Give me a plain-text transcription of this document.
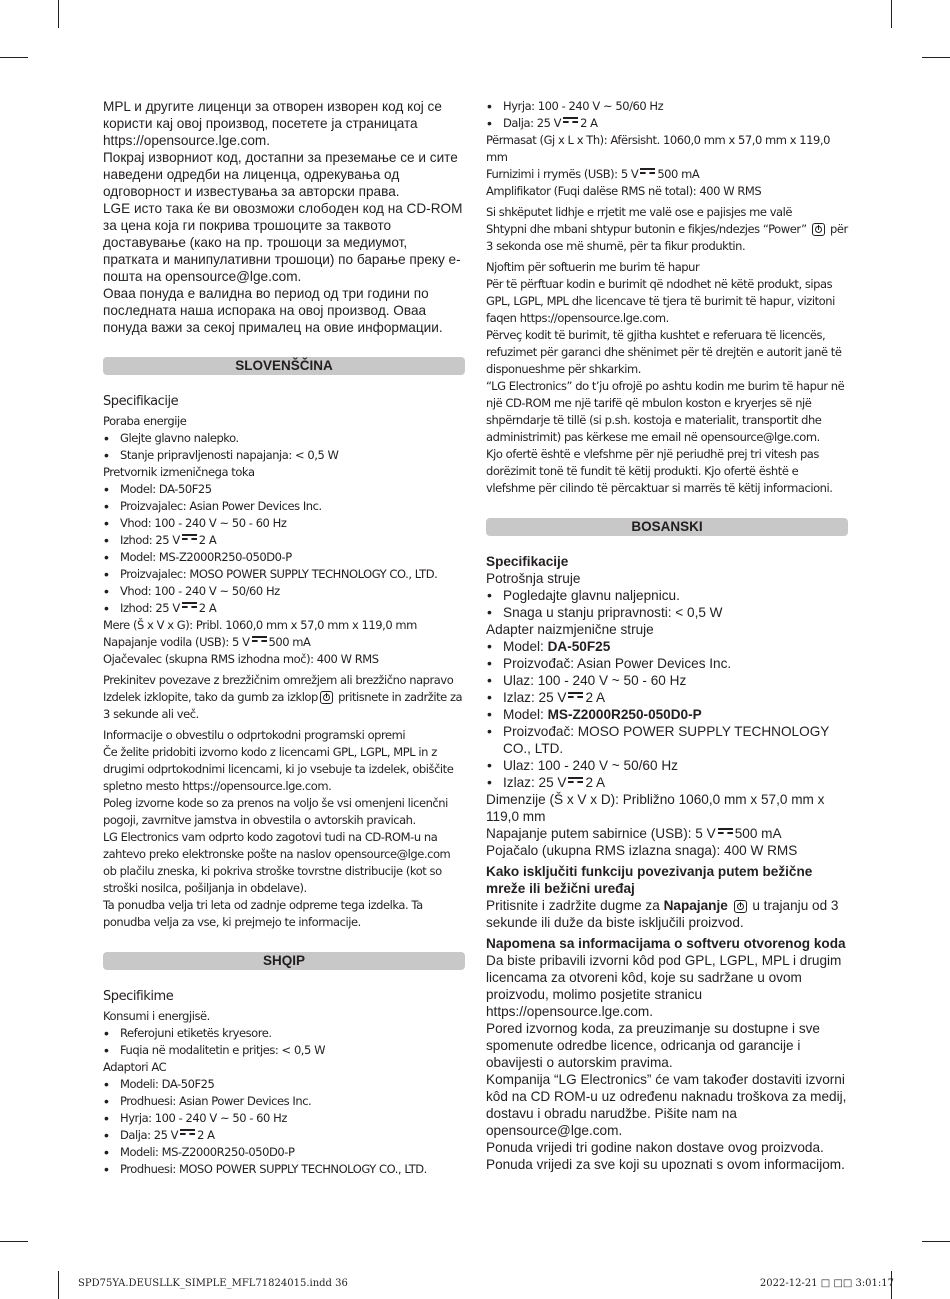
MPL и другите лиценци за отворен изворен код кој се користи кај овој производ, посетете ја страницата https://opensource.lge.com.

Покрај изворниот код, достапни за преземање се и сите наведени одредби на лиценца, одрекувања од одговорност и известувања за авторски права.

LGE исто така ќе ви овозможи слободен код на CD-ROM за цена која ги покрива трошоците за таквото доставување (како на пр. трошоци за медиумот, пратката и манипулативни трошоци) по барање преку е-пошта на opensource@lge.com.

Оваа понуда е валидна во период од три години по последната наша испорака на овој производ. Оваа понуда важи за секој прималец на овие информации.

SLOVENŠČINA

Specifikacije

Poraba energije

• Glejte glavno nalepko.
• Stanje pripravljenosti napajanja: < 0,5 W

Pretvornik izmeničnega toka

• Model: DA-50F25
• Proizvajalec: Asian Power Devices Inc.
• Vhod: 100 - 240 V ~ 50 - 60 Hz
• Izhod: 25 V 2 A
• Model: MS-Z2000R250-050D0-P
• Proizvajalec: MOSO POWER SUPPLY TECHNOLOGY CO., LTD.
• Vhod: 100 - 240 V ~ 50/60 Hz
• Izhod: 25 V 2 A

Mere (Š x V x G): Pribl. 1060,0 mm x 57,0 mm x 119,0 mm

Napajanje vodila (USB): 5 V 500 mA

Ojačevalec (skupna RMS izhodna moč): 400 W RMS

Prekinitev povezave z brezžičnim omrežjem ali brezžično napravo

Izdelek izklopite, tako da gumb za izklop pritisnete in zadržite za 3 sekunde ali več.

Informacije o obvestilu o odprtokodni programski opremi

Če želite pridobiti izvorno kodo z licencami GPL, LGPL, MPL in z drugimi odprtokodnimi licencami, ki jo vsebuje ta izdelek, obiščite spletno mesto https://opensource.lge.com.

Poleg izvorne kode so za prenos na voljo še vsi omenjeni licenčni pogoji, zavrnitve jamstva in obvestila o avtorskih pravicah.

LG Electronics vam odprto kodo zagotovi tudi na CD-ROM-u na zahtevo preko elektronske pošte na naslov opensource@lge.com ob plačilu zneska, ki pokriva stroške tovrstne distribucije (kot so stroški nosilca, pošiljanja in obdelave).

Ta ponudba velja tri leta od zadnje odpreme tega izdelka. Ta ponudba velja za vse, ki prejmejo te informacije.

SHQIP

Specifikime

Konsumi i energjisë.

• Referojuni etiketës kryesore.
• Fuqia në modalitetin e pritjes: < 0,5 W

Adaptori AC

• Modeli: DA-50F25
• Prodhuesi: Asian Power Devices Inc.
• Hyrja: 100 - 240 V ~ 50 - 60 Hz
• Dalja: 25 V 2 A
• Modeli: MS-Z2000R250-050D0-P
• Prodhuesi: MOSO POWER SUPPLY TECHNOLOGY CO., LTD.
• Hyrja: 100 - 240 V ~ 50/60 Hz
• Dalja: 25 V 2 A

Përmasat (Gj x L x Th): Afërsisht. 1060,0 mm x 57,0 mm x 119,0 mm

Furnizimi i rrymës (USB): 5 V 500 mA

Amplifikator (Fuqi dalëse RMS në total): 400 W RMS

Si shkëputet lidhje e rrjetit me valë ose e pajisjes me valë

Shtypni dhe mbani shtypur butonin e fikjes/ndezjes “Power”  për 3 sekonda ose më shumë, për ta fikur produktin.

Njoftim për softuerin me burim të hapur

Për të përftuar kodin e burimit që ndodhet në këtë produkt, sipas GPL, LGPL, MPL dhe licencave të tjera të burimit të hapur, vizitoni faqen https://opensource.lge.com.

Përveç kodit të burimit, të gjitha kushtet e referuara të licencës, refuzimet për garanci dhe shënimet për të drejtën e autorit janë të disponueshme për shkarkim.

“LG Electronics” do t’ju ofrojë po ashtu kodin me burim të hapur në një CD-ROM me një tarifë që mbulon koston e kryerjes së një shpërndarje të tillë (si p.sh. kostoja e materialit, transportit dhe administrimit) pas kërkese me email në opensource@lge.com.

Kjo ofertë është e vlefshme për një periudhë prej tri vitesh pas dorëzimit tonë të fundit të këtij produkti. Kjo ofertë është e vlefshme për cilindo të përcaktuar si marrës të këtij informacioni.

BOSANSKI

Specifikacije

Potrošnja struje

• Pogledajte glavnu naljepnicu.
• Snaga u stanju pripravnosti: < 0,5 W

Adapter naizmjenične struje

• Model: DA-50F25
• Proizvođač: Asian Power Devices Inc.
• Ulaz: 100 - 240 V ~ 50 - 60 Hz
• Izlaz: 25 V 2 A
• Model: MS-Z2000R250-050D0-P
• Proizvođač: MOSO POWER SUPPLY TECHNOLOGY CO., LTD.
• Ulaz: 100 - 240 V ~ 50/60 Hz
• Izlaz: 25 V 2 A

Dimenzije (Š x V x D): Približno 1060,0 mm x 57,0 mm x 119,0 mm

Napajanje putem sabirnice (USB): 5 V 500 mA

Pojačalo (ukupna RMS izlazna snaga): 400 W RMS

Kako isključiti funkciju povezivanja putem bežične mreže ili bežični uređaj

Pritisnite i zadržite dugme za Napajanje  u trajanju od 3 sekunde ili duže da biste isključili proizvod.

Napomena sa informacijama o softveru otvorenog koda

Da biste pribavili izvorni kôd pod GPL, LGPL, MPL i drugim licencama za otvoreni kôd, koje su sadržane u ovom proizvodu, molimo posjetite stranicu https://opensource.lge.com.

Pored izvornog koda, za preuzimanje su dostupne i sve spomenute odredbe licence, odricanja od garancije i obavijesti o autorskim pravima.

Kompanija “LG Electronics” će vam također dostaviti izvorni kôd na CD ROM-u uz određenu naknadu troškova za medij, dostavu i obradu narudžbe. Pišite nam na opensource@lge.com.

Ponuda vrijedi tri godine nakon dostave ovog proizvoda. Ponuda vrijedi za sve koji su upoznati s ovom informacijom.

SPD75YA.DEUSLLK_SIMPLE_MFL71824015.indd 36	2022-12-21 □ □□ 3:01:17
